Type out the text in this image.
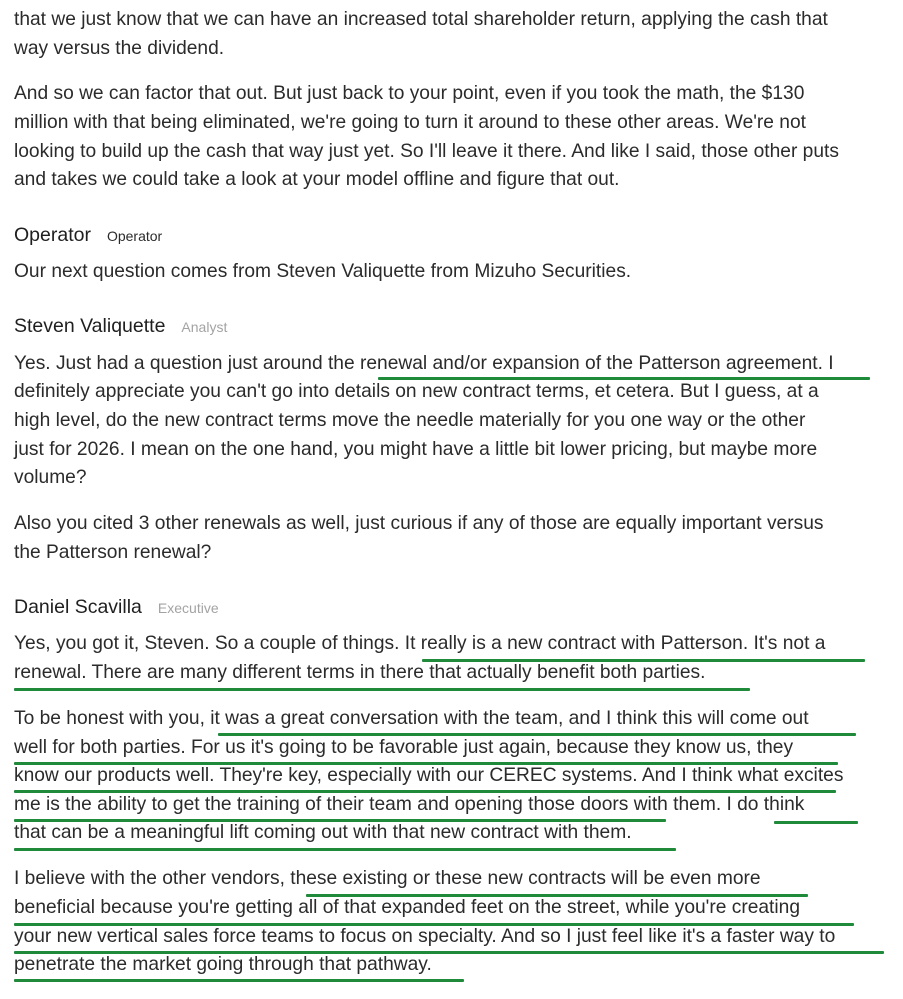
that we just know that we can have an increased total shareholder return, applying the cash that
way versus the dividend.
And so we can factor that out. But just back to your point, even if you took the math, the $130
million with that being eliminated, we're going to turn it around to these other areas. We're not
looking to build up the cash that way just yet. So I'll leave it there. And like I said, those other puts
and takes we could take a look at your model offline and figure that out.
Operator Operator
Our next question comes from Steven Valiquette from Mizuho Securities.
Steven Valiquette Analyst
Yes. Just had a question just around the renewal and/or expansion of the Patterson agreement. I
definitely appreciate you can't go into details on new contract terms, et cetera. But I guess, at a
high level, do the new contract terms move the needle materially for you one way or the other
just for 2026. I mean on the one hand, you might have a little bit lower pricing, but maybe more
volume?
Also you cited 3 other renewals as well, just curious if any of those are equally important versus
the Patterson renewal?
Daniel Scavilla Executive
Yes, you got it, Steven. So a couple of things. It really is a new contract with Patterson. It's not a
renewal. There are many different terms in there that actually benefit both parties.
To be honest with you, it was a great conversation with the team, and I think this will come out
well for both parties. For us it's going to be favorable just again, because they know us, they
know our products well. They're key, especially with our CEREC systems. And I think what excites
me is the ability to get the training of their team and opening those doors with them. I do think
that can be a meaningful lift coming out with that new contract with them.
I believe with the other vendors, these existing or these new contracts will be even more
beneficial because you're getting all of that expanded feet on the street, while you're creating
your new vertical sales force teams to focus on specialty. And so I just feel like it's a faster way to
penetrate the market going through that pathway.
